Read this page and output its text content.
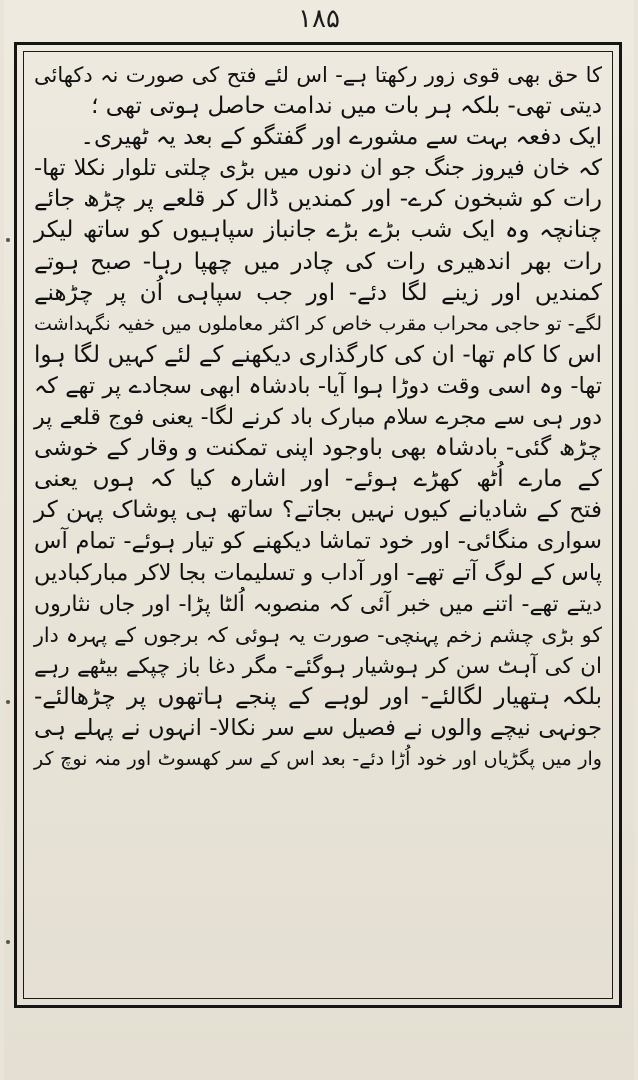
۱۸۵
کا حق بھی قوی زور رکھتا ہے- اس لئے فتح کی صورت نہ دکھائی
دیتی تھی- بلکہ ہر بات میں ندامت حاصل ہوتی تھی ؛
ایک دفعہ بہت سے مشورے اور گفتگو کے بعد یہ ٹھیری۔
کہ خان فیروز جنگ جو ان دنوں میں بڑی چلتی تلوار نکلا تھا-
رات کو شبخون کرے- اور کمندیں ڈال کر قلعے پر چڑھ جائے
چنانچہ وہ ایک شب بڑے بڑے جانباز سپاہیوں کو ساتھ لیکر
رات بھر اندھیری رات کی چادر میں چھپا رہا- صبح ہوتے
کمندیں اور زینے لگا دئے- اور جب سپاہی اُن پر چڑھنے
لگے- تو حاجی محراب مقرب خاص کر اکثر معاملوں میں خفیہ نگہداشت
اس کا کام تھا- ان کی کارگذاری دیکھنے کے لئے کہیں لگا ہوا
تھا- وہ اسی وقت دوڑا ہوا آیا- بادشاہ ابھی سجادے پر تھے کہ
دور ہی سے مجرے سلام مبارک باد کرنے لگا- یعنی فوج قلعے پر
چڑھ گئی- بادشاہ بھی باوجود اپنی تمکنت و وقار کے خوشی
کے مارے اُٹھ کھڑے ہوئے- اور اشارہ کیا کہ ہوں یعنی
فتح کے شادیانے کیوں نہیں بجاتے؟ ساتھ ہی پوشاک پہن کر
سواری منگائی- اور خود تماشا دیکھنے کو تیار ہوئے- تمام آس
پاس کے لوگ آتے تھے- اور آداب و تسلیمات بجا لاکر مبارکبادیں
دیتے تھے- اتنے میں خبر آئی کہ منصوبہ اُلٹا پڑا- اور جاں نثاروں
کو بڑی چشم زخم پہنچی- صورت یہ ہوئی کہ برجوں کے پہرہ دار
ان کی آہٹ سن کر ہوشیار ہوگئے- مگر دغا باز چپکے بیٹھے رہے
بلکہ ہتھیار لگالئے- اور لوہے کے پنجے ہاتھوں پر چڑھالئے-
جونہی نیچے والوں نے فصیل سے سر نکالا- انہوں نے پہلے ہی
وار میں پگڑیاں اور خود اُڑا دئے- بعد اس کے سر کھسوٹ اور منہ نوچ کر
